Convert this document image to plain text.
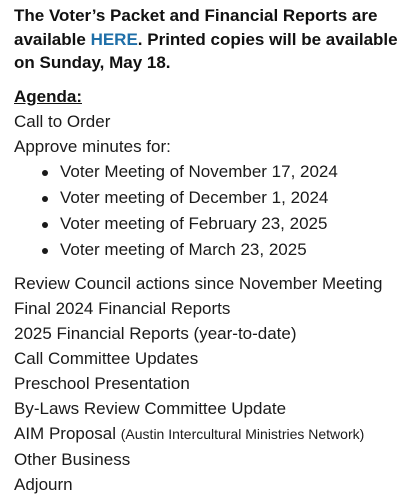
The Voter’s Packet and Financial Reports are available HERE. Printed copies will be available on Sunday, May 18.

Agenda:

Call to Order

Approve minutes for:

Voter Meeting of November 17, 2024
Voter meeting of December 1, 2024
Voter meeting of February 23, 2025
Voter meeting of March 23, 2025

Review Council actions since November Meeting

Final 2024 Financial Reports

2025 Financial Reports (year-to-date)

Call Committee Updates

Preschool Presentation

By-Laws Review Committee Update

AIM Proposal (Austin Intercultural Ministries Network)

Other Business

Adjourn
